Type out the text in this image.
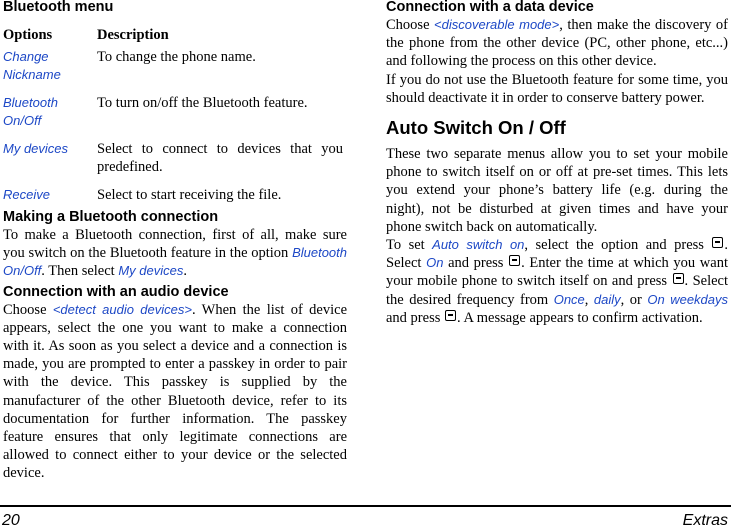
Bluetooth menu
Options	Description

Change Nickname	To change the phone name.

Bluetooth On/Off	To turn on/off the Bluetooth feature.

My devices	Select to connect to devices that you predefined.

Receive	Select to start receiving the file.
Making a Bluetooth connection

To make a Bluetooth connection, first of all, make sure you switch on the Bluetooth feature in the option Bluetooth On/Off. Then select My devices.

Connection with an audio device

Choose <detect audio devices>. When the list of device appears, select the one you want to make a connection with it. As soon as you select a device and a connection is made, you are prompted to enter a passkey in order to pair with the device. This passkey is supplied by the manufacturer of the other Bluetooth device, refer to its documentation for further information. The passkey feature ensures that only legitimate connections are allowed to connect either to your device or the selected device.

Connection with a data device

Choose <discoverable mode>, then make the discovery of the phone from the other device (PC, other phone, etc...) and following the process on this other device.

If you do not use the Bluetooth feature for some time, you should deactivate it in order to conserve battery power.

Auto Switch On / Off

These two separate menus allow you to set your mobile phone to switch itself on or off at pre-set times. This lets you extend your phone’s battery life (e.g. during the night), not be disturbed at given times and have your phone switch back on automatically.

To set Auto switch on, select the option and press . Select On and press . Enter the time at which you want your mobile phone to switch itself on and press . Select the desired frequency from Once, daily, or On weekdays and press . A message appears to confirm activation.

20	Extras
